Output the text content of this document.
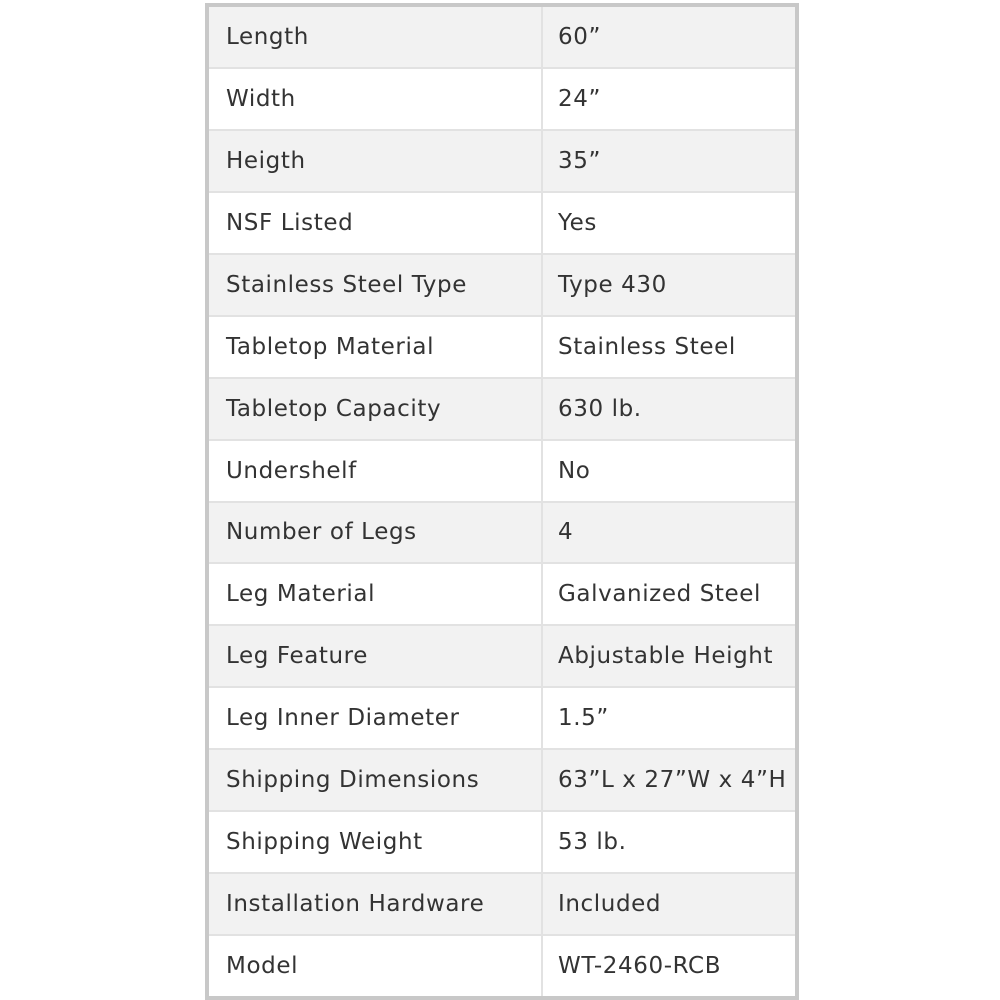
Length	60”
Width	24”
Heigth	35”
NSF Listed	Yes
Stainless Steel Type	Type 430
Tabletop Material	Stainless Steel
Tabletop Capacity	630 lb.
Undershelf	No
Number of Legs	4
Leg Material	Galvanized Steel
Leg Feature	Abjustable Height
Leg Inner Diameter	1.5”
Shipping Dimensions	63”L x 27”W x 4”H
Shipping Weight	53 lb.
Installation Hardware	Included
Model	WT-2460-RCB
